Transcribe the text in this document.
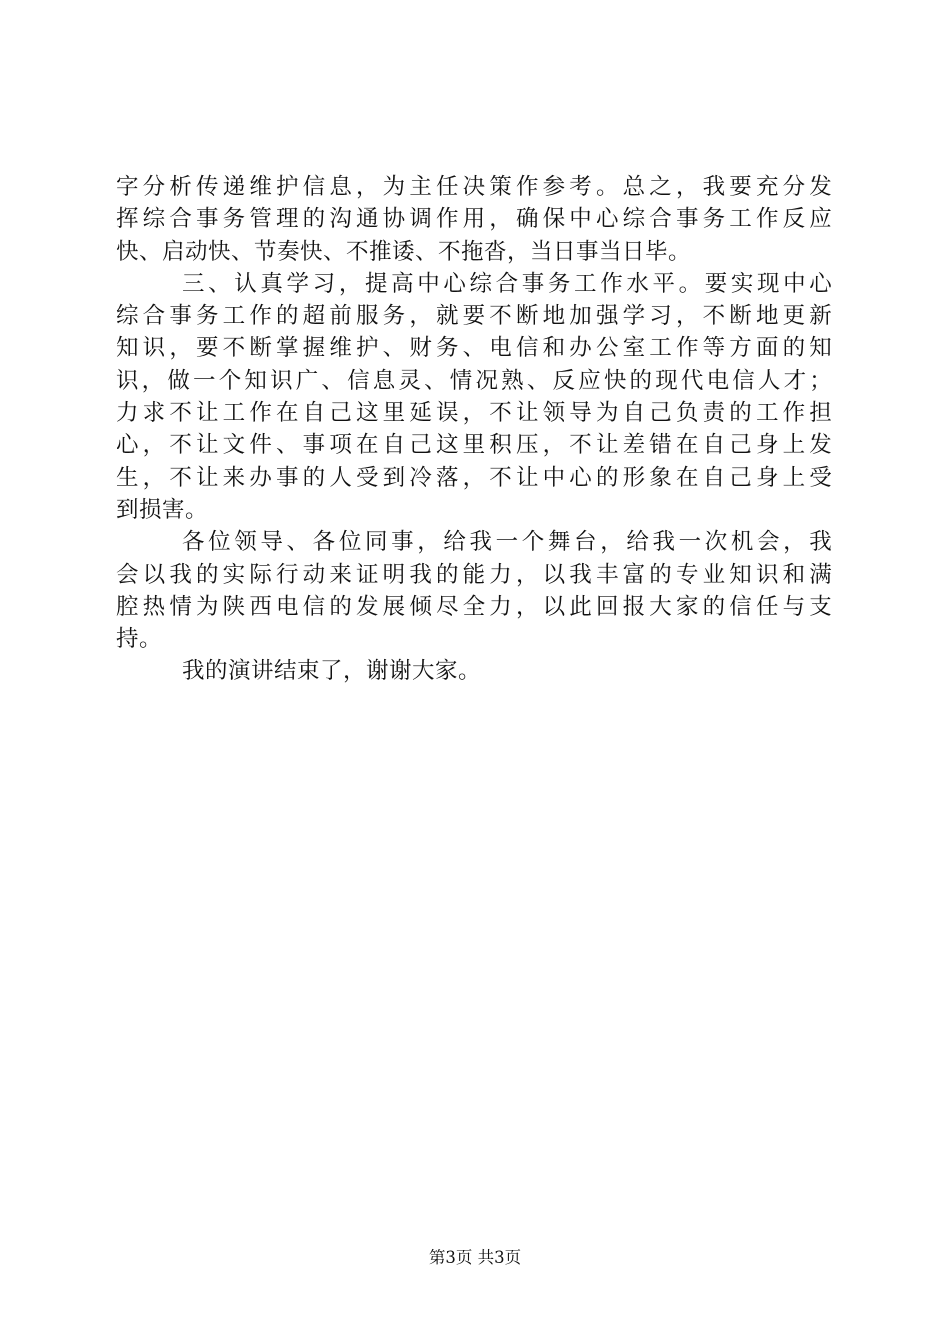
字分析传递维护信息，为主任决策作参考。总之，我要充分发
挥综合事务管理的沟通协调作用，确保中心综合事务工作反应
快、启动快、节奏快、不推诿、不拖沓，当日事当日毕。
三、认真学习，提高中心综合事务工作水平。要实现中心
综合事务工作的超前服务，就要不断地加强学习，不断地更新
知识，要不断掌握维护、财务、电信和办公室工作等方面的知
识，做一个知识广、信息灵、情况熟、反应快的现代电信人才；
力求不让工作在自己这里延误，不让领导为自己负责的工作担
心，不让文件、事项在自己这里积压，不让差错在自己身上发
生，不让来办事的人受到冷落，不让中心的形象在自己身上受
到损害。
各位领导、各位同事，给我一个舞台，给我一次机会，我
会以我的实际行动来证明我的能力，以我丰富的专业知识和满
腔热情为陕西电信的发展倾尽全力，以此回报大家的信任与支
持。
我的演讲结束了，谢谢大家。
第3页 共3页
